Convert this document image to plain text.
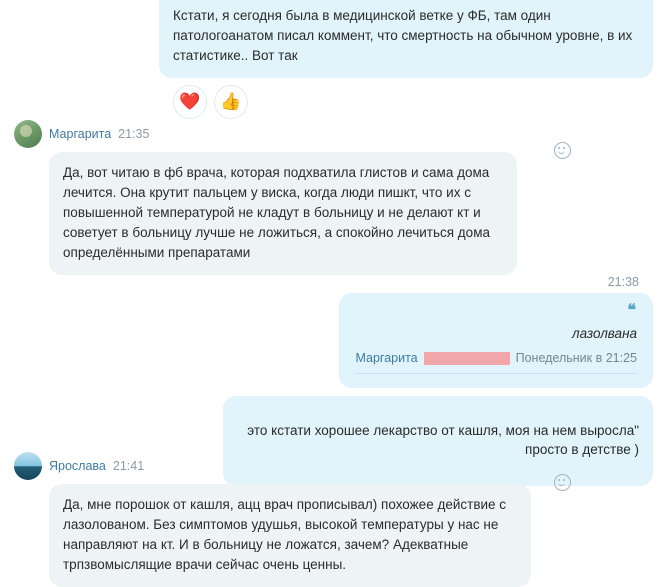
Кстати, я сегодня была в медицинской ветке у ФБ, там один патологоанатом писал коммент, что смертность на обычном уровне, в их статистике.. Вот так

❤️	👍
Маргарита 21:35

Да, вот читаю в фб врача, которая подхватила глистов и сама дома лечится. Она крутит пальцем у виска, когда люди пишкт, что их с повышенной температурой не кладут в больницу и не делают кт и советует в больницу лучше не ложиться, а спокойно лечиться дома определёнными препаратами

21:38
❝
лазолвана
Маргарита	Понедельник в 21:25

это кстати хорошее лекарство от кашля, моя на нем выросла" просто в детстве )

Ярослава 21:41

Да, мне порошок от кашля, ацц врач прописывал) похожее действие с лазолованом. Без симптомов удушья, высокой температуры у нас не направляют на кт. И в больницу не ложатся, зачем? Адекватные трпзвомыслящие врачи сейчас очень ценны.
